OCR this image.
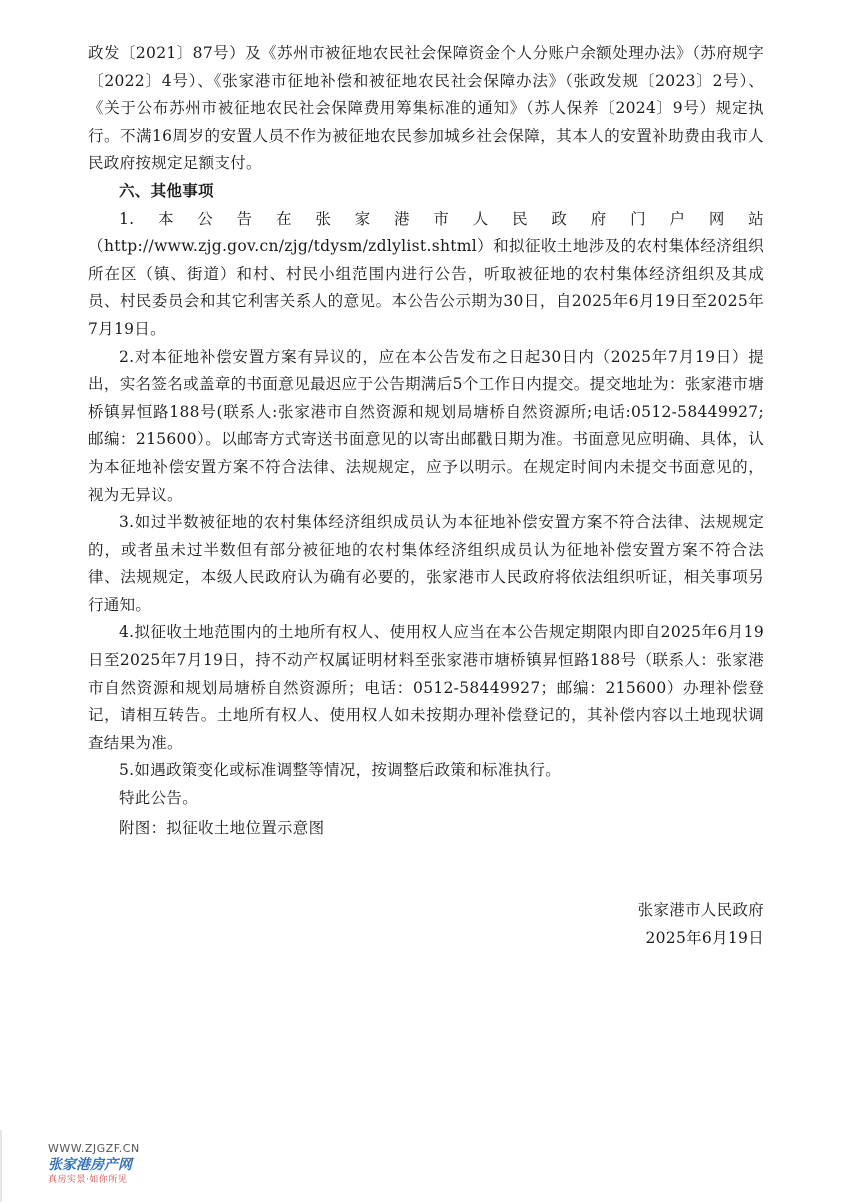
政发〔2021〕87号）及《苏州市被征地农民社会保障资金个人分账户余额处理办法》（苏府规字〔2022〕4号）、《张家港市征地补偿和被征地农民社会保障办法》（张政发规〔2023〕2号）、《关于公布苏州市被征地农民社会保障费用筹集标准的通知》（苏人保养〔2024〕9号）规定执行。不满16周岁的安置人员不作为被征地农民参加城乡社会保障，其本人的安置补助费由我市人民政府按规定足额支付。

六、其他事项

1.本公告在张家港市人民政府门户网站（http://www.zjg.gov.cn/zjg/tdysm/zdlylist.shtml）和拟征收土地涉及的农村集体经济组织所在区（镇、街道）和村、村民小组范围内进行公告，听取被征地的农村集体经济组织及其成员、村民委员会和其它利害关系人的意见。本公告公示期为30日，自2025年6月19日至2025年7月19日。

2.对本征地补偿安置方案有异议的，应在本公告发布之日起30日内（2025年7月19日）提出，实名签名或盖章的书面意见最迟应于公告期满后5个工作日内提交。提交地址为：张家港市塘桥镇昇恒路188号(联系人:张家港市自然资源和规划局塘桥自然资源所;电话:0512-58449927;邮编：215600）。以邮寄方式寄送书面意见的以寄出邮戳日期为准。书面意见应明确、具体，认为本征地补偿安置方案不符合法律、法规规定，应予以明示。在规定时间内未提交书面意见的，视为无异议。

3.如过半数被征地的农村集体经济组织成员认为本征地补偿安置方案不符合法律、法规规定的，或者虽未过半数但有部分被征地的农村集体经济组织成员认为征地补偿安置方案不符合法律、法规规定，本级人民政府认为确有必要的，张家港市人民政府将依法组织听证，相关事项另行通知。

4.拟征收土地范围内的土地所有权人、使用权人应当在本公告规定期限内即自2025年6月19日至2025年7月19日，持不动产权属证明材料至张家港市塘桥镇昇恒路188号（联系人：张家港市自然资源和规划局塘桥自然资源所；电话：0512-58449927；邮编：215600）办理补偿登记，请相互转告。土地所有权人、使用权人如未按期办理补偿登记的，其补偿内容以土地现状调查结果为准。

5.如遇政策变化或标准调整等情况，按调整后政策和标准执行。

特此公告。

附图：拟征收土地位置示意图
张家港市人民政府
2025年6月19日
WWW.ZJGZF.CN
张家港房产网
真房实景·如你所见
